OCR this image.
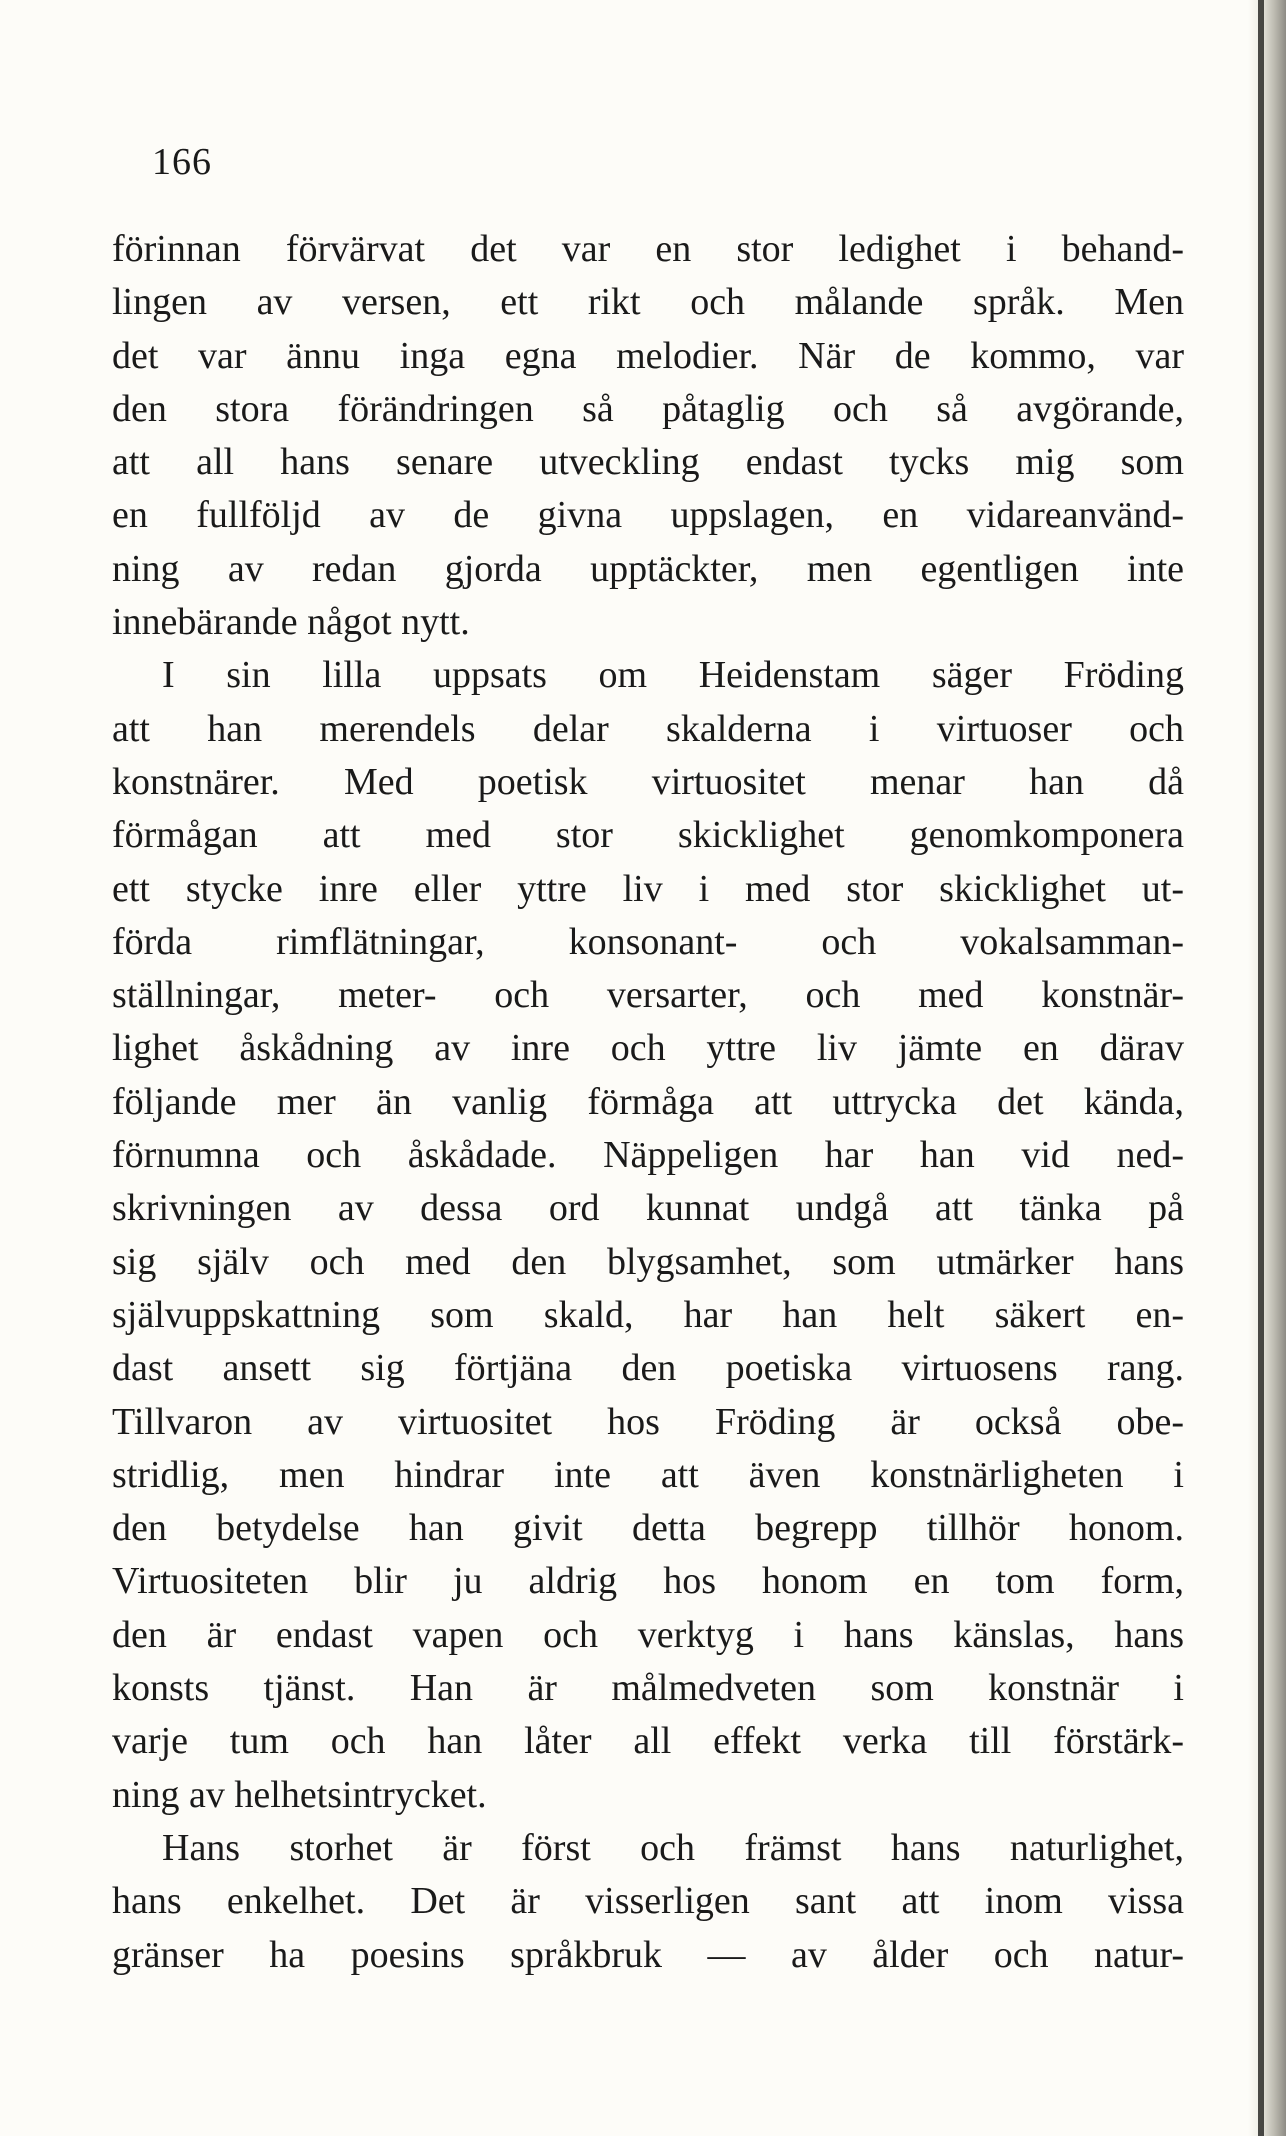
166
förinnan förvärvat det var en stor ledighet i behand-
lingen av versen, ett rikt och målande språk. Men
det var ännu inga egna melodier. När de kommo, var
den stora förändringen så påtaglig och så avgörande,
att all hans senare utveckling endast tycks mig som
en fullföljd av de givna uppslagen, en vidareanvänd-
ning av redan gjorda upptäckter, men egentligen inte
innebärande något nytt.
I sin lilla uppsats om Heidenstam säger Fröding
att han merendels delar skalderna i virtuoser och
konstnärer. Med poetisk virtuositet menar han då
förmågan att med stor skicklighet genomkomponera
ett stycke inre eller yttre liv i med stor skicklighet ut-
förda rimflätningar, konsonant- och vokalsamman-
ställningar, meter- och versarter, och med konstnär-
lighet åskådning av inre och yttre liv jämte en därav
följande mer än vanlig förmåga att uttrycka det kända,
förnumna och åskådade. Näppeligen har han vid ned-
skrivningen av dessa ord kunnat undgå att tänka på
sig själv och med den blygsamhet, som utmärker hans
självuppskattning som skald, har han helt säkert en-
dast ansett sig förtjäna den poetiska virtuosens rang.
Tillvaron av virtuositet hos Fröding är också obe-
stridlig, men hindrar inte att även konstnärligheten i
den betydelse han givit detta begrepp tillhör honom.
Virtuositeten blir ju aldrig hos honom en tom form,
den är endast vapen och verktyg i hans känslas, hans
konsts tjänst. Han är målmedveten som konstnär i
varje tum och han låter all effekt verka till förstärk-
ning av helhetsintrycket.
Hans storhet är först och främst hans naturlighet,
hans enkelhet. Det är visserligen sant att inom vissa
gränser ha poesins språkbruk — av ålder och natur-
